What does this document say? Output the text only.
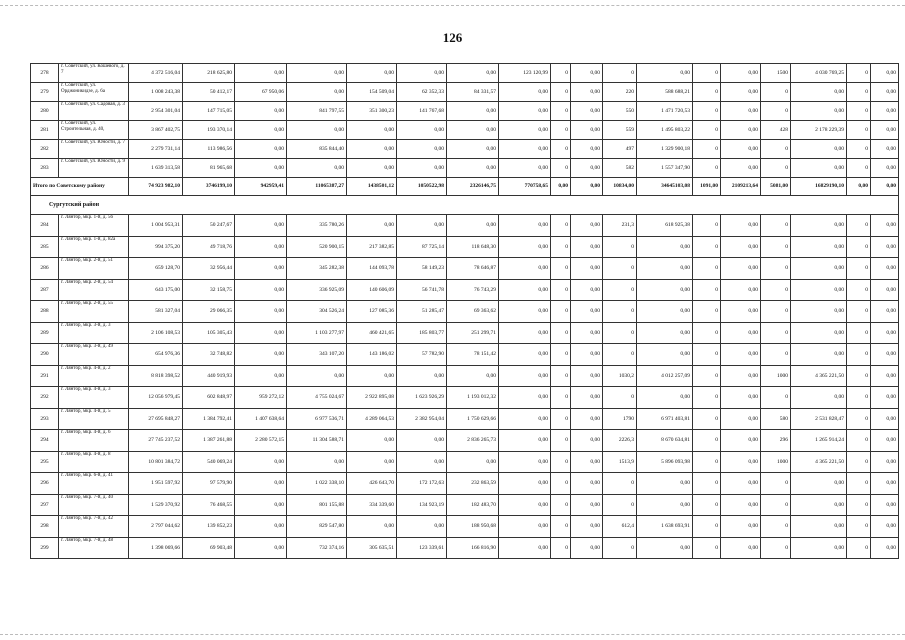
126
278	г. Советский, ул. Кошевого, д. 7	4 372 516,04	218 625,80	0,00	0,00	0,00	0,00	0,00	123 120,99	0	0,00	0	0,00	0	0,00	1500	4 030 769,25	0	0,00
279	г. Советский, ул. Орджоникидзе, д. 6а	1 008 243,38	50 412,17	67 950,06	0,00	154 509,04	62 352,33	84 331,57	0,00	0	0,00	220	588 688,21	0	0,00	0	0,00	0	0,00
280	г. Советский, ул. Садовая, д. 3	2 954 301,04	147 715,05	0,00	841 797,55	351 300,23	141 767,68	0,00	0,00	0	0,00	550	1 471 720,53	0	0,00	0	0,00	0	0,00
281	г. Советский, ул. Строительная, д. 40,	3 867 402,75	193 370,14	0,00	0,00	0,00	0,00	0,00	0,00	0	0,00	559	1 495 803,22	0	0,00	428	2 178 229,39	0	0,00
282	г. Советский, ул. Юности, д. 7	2 279 731,14	113 986,56	0,00	835 844,40	0,00	0,00	0,00	0,00	0	0,00	497	1 329 900,18	0	0,00	0	0,00	0	0,00
283	г. Советский, ул. Юности, д. 9	1 639 313,58	81 965,68	0,00	0,00	0,00	0,00	0,00	0,00	0	0,00	582	1 557 347,90	0	0,00	0	0,00	0	0,00
Итого по Советскому району		74 923 982,10	3746199,10	942959,41	11065387,27	1438501,12	1050522,98	2326146,75	770758,65	0,00	0,00	10834,00	34645103,08	1091,00	2109213,64	5081,00	16829190,10	0,00	0,00
Сургутский район																			
284	г. Лянтор, мкр. 1-й, д. 56	1 004 953,31	50 247,67	0,00	335 780,26	0,00	0,00	0,00	0,00	0	0,00	231,3	618 925,38	0	0,00	0	0,00	0	0,00
285	г. Лянтор, мкр. 1-й, д. 82а	994 375,20	49 718,76	0,00	520 900,15	217 382,85	87 725,14	118 648,30	0,00	0	0,00	0	0,00	0	0,00	0	0,00	0	0,00
286	г. Лянтор, мкр. 2-й, д. 51	659 128,70	32 956,44	0,00	345 282,38	144 093,78	58 149,23	78 646,87	0,00	0	0,00	0	0,00	0	0,00	0	0,00	0	0,00
287	г. Лянтор, мкр. 2-й, д. 54	643 175,00	32 158,75	0,00	336 925,09	140 606,09	56 741,78	76 743,29	0,00	0	0,00	0	0,00	0	0,00	0	0,00	0	0,00
288	г. Лянтор, мкр. 2-й, д. 55	581 327,04	29 066,35	0,00	304 526,24	127 085,36	51 285,47	69 363,62	0,00	0	0,00	0	0,00	0	0,00	0	0,00	0	0,00
289	г. Лянтор, мкр. 3-й, д. 3	2 106 108,53	105 305,43	0,00	1 103 277,97	460 421,65	185 803,77	251 299,71	0,00	0	0,00	0	0,00	0	0,00	0	0,00	0	0,00
290	г. Лянтор, мкр. 3-й, д. 49	654 976,36	32 748,82	0,00	343 107,20	143 186,02	57 782,90	78 151,42	0,00	0	0,00	0	0,00	0	0,00	0	0,00	0	0,00
291	г. Лянтор, мкр. 4-й, д. 2	8 818 398,52	440 919,93	0,00	0,00	0,00	0,00	0,00	0,00	0	0,00	1030,2	4 012 257,09	0	0,00	1000	4 365 221,50	0	0,00
292	г. Лянтор, мкр. 4-й, д. 3	12 056 979,45	602 848,97	959 272,12	4 755 024,67	2 922 895,08	1 623 926,29	1 193 012,32	0,00	0	0,00	0	0,00	0	0,00	0	0,00	0	0,00
293	г. Лянтор, мкр. 4-й, д. 5	27 695 848,27	1 384 792,41	1 407 638,64	6 977 536,71	4 289 064,53	2 382 954,04	1 750 629,66	0,00	0	0,00	1790	6 971 403,81	0	0,00	580	2 531 828,47	0	0,00
294	г. Лянтор, мкр. 4-й, д. 6	27 745 237,52	1 387 261,88	2 280 572,15	11 304 588,71	0,00	0,00	2 836 265,73	0,00	0	0,00	2226,3	8 670 634,81	0	0,00	296	1 265 914,24	0	0,00
295	г. Лянтор, мкр. 4-й, д. 8	10 801 384,72	540 069,24	0,00	0,00	0,00	0,00	0,00	0,00	0	0,00	1513,9	5 896 093,98	0	0,00	1000	4 365 221,50	0	0,00
296	г. Лянтор, мкр. 6-й, д. 41	1 951 597,92	97 579,90	0,00	1 022 338,10	426 643,70	172 172,63	232 863,59	0,00	0	0,00	0	0,00	0	0,00	0	0,00	0	0,00
297	г. Лянтор, мкр. 7-й, д. 40	1 529 370,92	76 468,55	0,00	801 155,88	334 339,60	134 923,19	182 483,70	0,00	0	0,00	0	0,00	0	0,00	0	0,00	0	0,00
298	г. Лянтор, мкр. 7-й, д. 42	2 797 044,62	139 852,23	0,00	829 547,80	0,00	0,00	188 950,68	0,00	0	0,00	612,4	1 638 693,91	0	0,00	0	0,00	0	0,00
299	г. Лянтор, мкр. 7-й, д. 48	1 398 069,66	69 903,48	0,00	732 374,16	305 635,51	123 339,61	166 816,90	0,00	0	0,00	0	0,00	0	0,00	0	0,00	0	0,00
